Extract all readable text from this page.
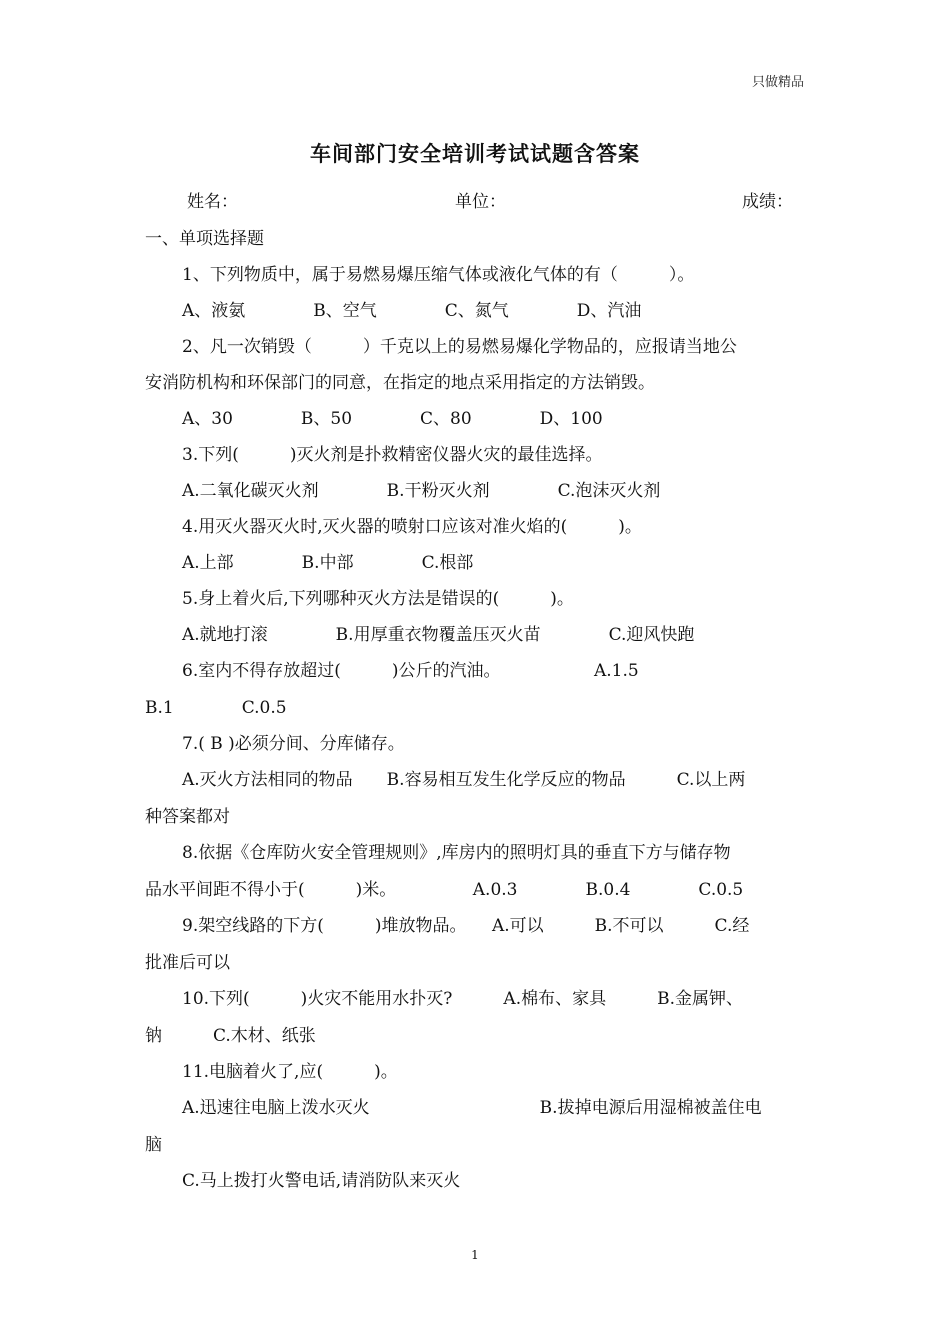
只做精品
车间部门安全培训考试试题含答案
姓名：	单位：	成绩：
一、单项选择题
1、下列物质中，属于易燃易爆压缩气体或液化气体的有（　　　）。
A、液氨　　　　B、空气　　　　C、氮气　　　　D、汽油
2、凡一次销毁（　　　）千克以上的易燃易爆化学物品的，应报请当地公
安消防机构和环保部门的同意，在指定的地点采用指定的方法销毁。
A、30　　　　B、50　　　　C、80　　　　D、100
3.下列(　　　)灭火剂是扑救精密仪器火灾的最佳选择。
A.二氧化碳灭火剂　　　　B.干粉灭火剂　　　　C.泡沫灭火剂
4.用灭火器灭火时,灭火器的喷射口应该对准火焰的(　　　)。
A.上部　　　　B.中部　　　　C.根部
5.身上着火后,下列哪种灭火方法是错误的(　　　)。
A.就地打滚　　　　B.用厚重衣物覆盖压灭火苗　　　　C.迎风快跑
6.室内不得存放超过(　　　)公斤的汽油。　　　　　　A.1.5
B.1　　　　C.0.5
7.( B )必须分间、分库储存。
A.灭火方法相同的物品　　B.容易相互发生化学反应的物品　　　C.以上两
种答案都对
8.依据《仓库防火安全管理规则》,库房内的照明灯具的垂直下方与储存物
品水平间距不得小于(　　　)米。　　　　　A.0.3　　　　B.0.4　　　　C.0.5
9.架空线路的下方(　　　)堆放物品。　　A.可以　　　B.不可以　　　C.经
批准后可以
10.下列(　　　)火灾不能用水扑灭?　　　A.棉布、家具　　　B.金属钾、
钠　　　C.木材、纸张
11.电脑着火了,应(　　　)。
A.迅速往电脑上泼水灭火　　　　　　　　　　B.拔掉电源后用湿棉被盖住电
脑
C.马上拨打火警电话,请消防队来灭火
1
